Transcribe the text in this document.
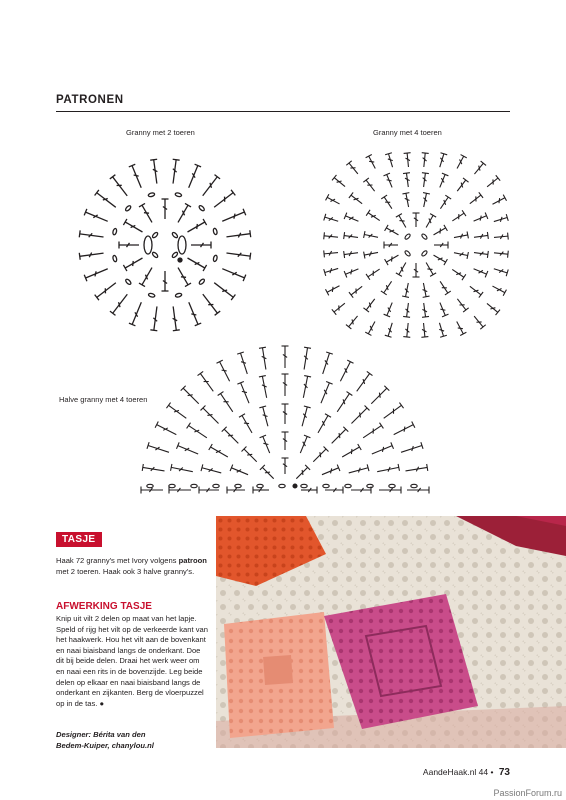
PATRONEN
Granny met 2 toeren	Granny met 4 toeren
Halve granny met 4 toeren
TASJE
Haak 72 granny's met Ivory volgens patroon met 2 toeren. Haak ook 3 halve granny's.
AFWERKING TASJE
Knip uit vilt 2 delen op maat van het lapje. Speld of rijg het vilt op de verkeerde kant van het haakwerk. Hou het vilt aan de bovenkant en naai biaisband langs de onderkant. Doe dit bij beide delen. Draai het werk weer om en naai een rits in de bovenzijde. Leg beide delen op elkaar en naai biaisband langs de onderkant en zijkanten. Berg de vloerpuzzel op in de tas. ●
Designer: Bérita van den
Bedem-Kuiper, chanylou.nl
AandeHaak.nl 44 • 73
PassionForum.ru
